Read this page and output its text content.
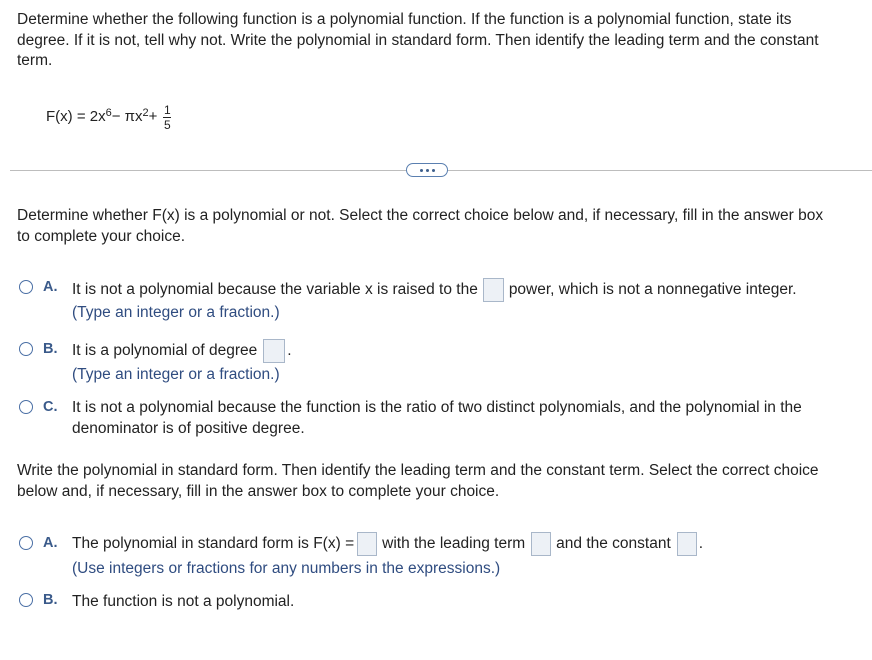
Determine whether the following function is a polynomial function. If the function is a polynomial function, state its
degree. If it is not, tell why not. Write the polynomial in standard form. Then identify the leading term and the constant
term.
$F(x) = 2x^6 - \pi x^2 + \frac{1}{5}$
Determine whether F(x) is a polynomial or not. Select the correct choice below and, if necessary, fill in the answer box
to complete your choice.
A. It is not a polynomial because the variable x is raised to the power, which is not a nonnegative integer.
(Type an integer or a fraction.)
B. It is a polynomial of degree .
(Type an integer or a fraction.)
C. It is not a polynomial because the function is the ratio of two distinct polynomials, and the polynomial in the
denominator is of positive degree.
Write the polynomial in standard form. Then identify the leading term and the constant term. Select the correct choice
below and, if necessary, fill in the answer box to complete your choice.
A. The polynomial in standard form is F(x) = with the leading term and the constant .
(Use integers or fractions for any numbers in the expressions.)
B. The function is not a polynomial.
